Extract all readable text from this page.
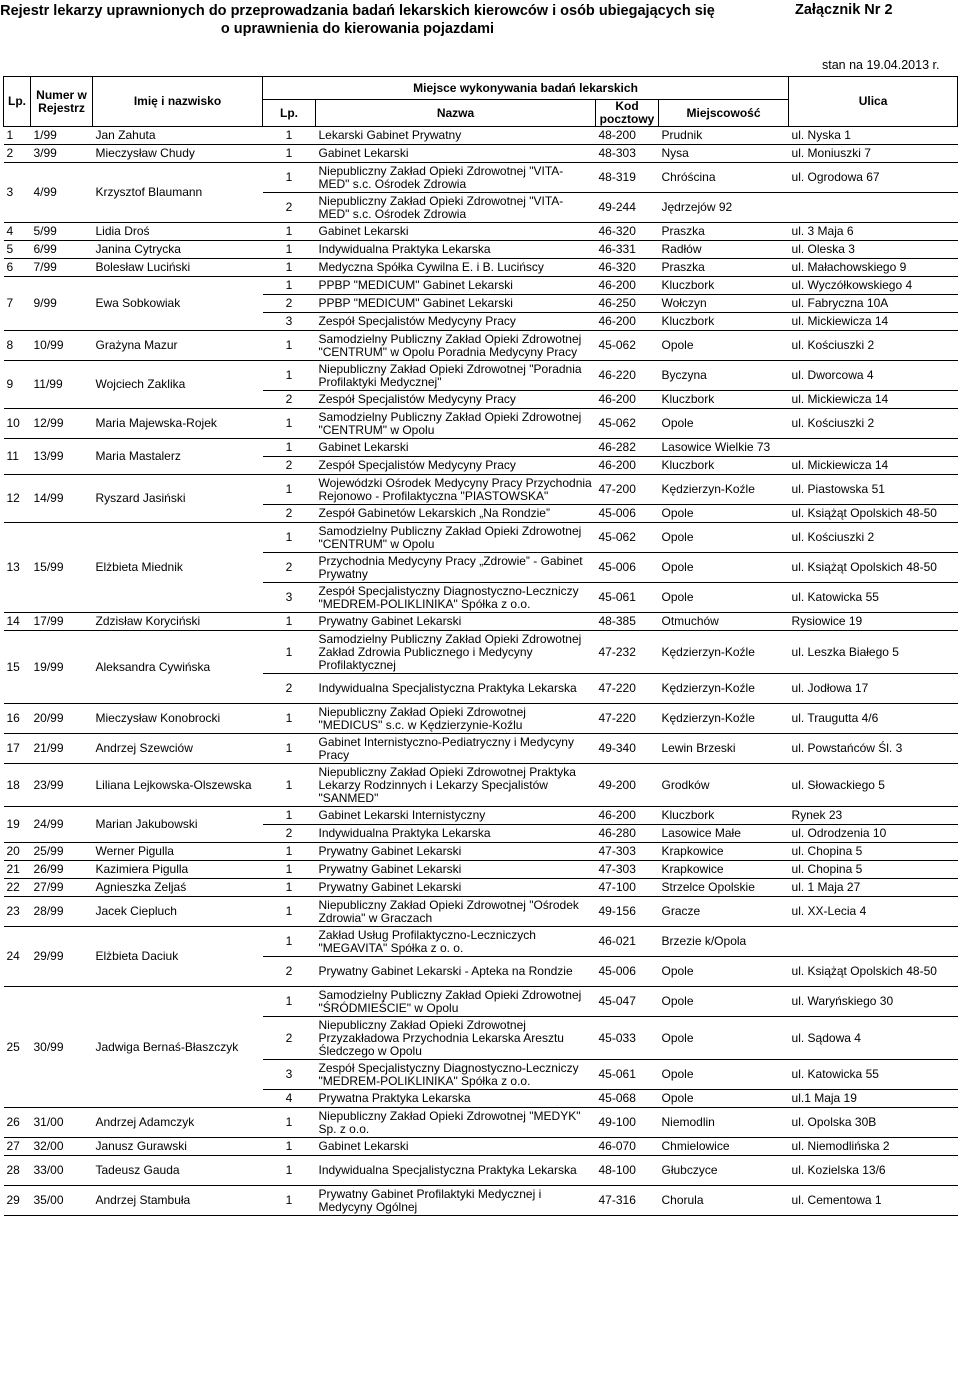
Rejestr lekarzy uprawnionych do przeprowadzania badań lekarskich kierowców i osób ubiegających się
o uprawnienia do kierowania pojazdami
Załącznik Nr 2
stan na 19.04.2013 r.
Lp.	Numer w Rejestrz	Imię i nazwisko	Miejsce wykonywania badań lekarskich				Ulica
			Lp.	Nazwa	Kod pocztowy	Miejscowość	
1	1/99	Jan Zahuta	1	Lekarski Gabinet Prywatny	48-200	Prudnik	ul. Nyska 1
2	3/99	Mieczysław Chudy	1	Gabinet Lekarski	48-303	Nysa	ul. Moniuszki 7
3	4/99	Krzysztof Blaumann	1	Niepubliczny Zakład Opieki Zdrowotnej "VITA-MED" s.c. Ośrodek Zdrowia	48-319	Chróścina	ul. Ogrodowa 67
			2	Niepubliczny Zakład Opieki Zdrowotnej "VITA-MED" s.c. Ośrodek Zdrowia	49-244	Jędrzejów 92	
4	5/99	Lidia Droś	1	Gabinet Lekarski	46-320	Praszka	ul. 3 Maja 6
5	6/99	Janina Cytrycka	1	Indywidualna Praktyka Lekarska	46-331	Radłów	ul. Oleska 3
6	7/99	Bolesław Luciński	1	Medyczna Spółka Cywilna E. i B. Lucińscy	46-320	Praszka	ul. Małachowskiego 9
7	9/99	Ewa Sobkowiak	1	PPBP "MEDICUM" Gabinet Lekarski	46-200	Kluczbork	ul. Wyczółkowskiego 4
			2	PPBP "MEDICUM" Gabinet Lekarski	46-250	Wołczyn	ul. Fabryczna 10A
			3	Zespół Specjalistów Medycyny Pracy	46-200	Kluczbork	ul. Mickiewicza 14
8	10/99	Grażyna Mazur	1	Samodzielny Publiczny Zakład Opieki Zdrowotnej "CENTRUM" w Opolu Poradnia Medycyny Pracy	45-062	Opole	ul. Kościuszki 2
9	11/99	Wojciech Zaklika	1	Niepubliczny Zakład Opieki Zdrowotnej "Poradnia Profilaktyki Medycznej"	46-220	Byczyna	ul. Dworcowa 4
			2	Zespół Specjalistów Medycyny Pracy	46-200	Kluczbork	ul. Mickiewicza 14
10	12/99	Maria Majewska-Rojek	1	Samodzielny Publiczny Zakład Opieki Zdrowotnej "CENTRUM" w Opolu	45-062	Opole	ul. Kościuszki 2
11	13/99	Maria Mastalerz	1	Gabinet Lekarski	46-282	Lasowice Wielkie 73	
			2	Zespół Specjalistów Medycyny Pracy	46-200	Kluczbork	ul. Mickiewicza 14
12	14/99	Ryszard Jasiński	1	Wojewódzki Ośrodek Medycyny Pracy Przychodnia Rejonowo - Profilaktyczna "PIASTOWSKA"	47-200	Kędzierzyn-Koźle	ul. Piastowska 51
			2	Zespół Gabinetów Lekarskich „Na Rondzie”	45-006	Opole	ul. Książąt Opolskich 48-50
13	15/99	Elżbieta Miednik	1	Samodzielny Publiczny Zakład Opieki Zdrowotnej "CENTRUM" w Opolu	45-062	Opole	ul. Kościuszki 2
			2	Przychodnia Medycyny Pracy „Zdrowie” - Gabinet Prywatny	45-006	Opole	ul. Książąt Opolskich 48-50
			3	Zespół Specjalistyczny Diagnostyczno-Leczniczy "MEDREM-POLIKLINIKA" Spółka z o.o.	45-061	Opole	ul. Katowicka 55
14	17/99	Zdzisław Koryciński	1	Prywatny Gabinet Lekarski	48-385	Otmuchów	Rysiowice 19
15	19/99	Aleksandra Cywińska	1	Samodzielny Publiczny Zakład Opieki Zdrowotnej Zakład Zdrowia Publicznego i Medycyny Profilaktycznej	47-232	Kędzierzyn-Koźle	ul. Leszka Białego 5
			2	Indywidualna Specjalistyczna Praktyka Lekarska	47-220	Kędzierzyn-Koźle	ul. Jodłowa 17
16	20/99	Mieczysław Konobrocki	1	Niepubliczny Zakład Opieki Zdrowotnej "MEDICUS" s.c. w Kędzierzynie-Koźlu	47-220	Kędzierzyn-Koźle	ul. Traugutta 4/6
17	21/99	Andrzej Szewciów	1	Gabinet Internistyczno-Pediatryczny i Medycyny Pracy	49-340	Lewin Brzeski	ul. Powstańców Śl. 3
18	23/99	Liliana Lejkowska-Olszewska	1	Niepubliczny Zakład Opieki Zdrowotnej Praktyka Lekarzy Rodzinnych i Lekarzy Specjalistów "SANMED"	49-200	Grodków	ul. Słowackiego 5
19	24/99	Marian Jakubowski	1	Gabinet Lekarski Internistyczny	46-200	Kluczbork	Rynek 23
			2	Indywidualna Praktyka Lekarska	46-280	Lasowice Małe	ul. Odrodzenia 10
20	25/99	Werner Pigulla	1	Prywatny Gabinet Lekarski	47-303	Krapkowice	ul. Chopina 5
21	26/99	Kazimiera Pigulla	1	Prywatny Gabinet Lekarski	47-303	Krapkowice	ul. Chopina 5
22	27/99	Agnieszka Zeljaś	1	Prywatny Gabinet Lekarski	47-100	Strzelce Opolskie	ul. 1 Maja 27
23	28/99	Jacek Ciepluch	1	Niepubliczny Zakład Opieki Zdrowotnej "Ośrodek Zdrowia" w Graczach	49-156	Gracze	ul. XX-Lecia 4
24	29/99	Elżbieta Daciuk	1	Zakład Usług Profilaktyczno-Leczniczych "MEGAVITA" Spółka z o. o.	46-021	Brzezie k/Opola	
			2	Prywatny Gabinet Lekarski - Apteka na Rondzie	45-006	Opole	ul. Książąt Opolskich 48-50
25	30/99	Jadwiga Bernaś-Błaszczyk	1	Samodzielny Publiczny Zakład Opieki Zdrowotnej "ŚRÓDMIEŚCIE" w Opolu	45-047	Opole	ul. Waryńskiego 30
			2	Niepubliczny Zakład Opieki Zdrowotnej Przyzakładowa Przychodnia Lekarska Aresztu Śledczego w Opolu	45-033	Opole	ul. Sądowa 4
			3	Zespół Specjalistyczny Diagnostyczno-Leczniczy "MEDREM-POLIKLINIKA" Spółka z o.o.	45-061	Opole	ul. Katowicka 55
			4	Prywatna Praktyka Lekarska	45-068	Opole	ul.1 Maja 19
26	31/00	Andrzej Adamczyk	1	Niepubliczny Zakład Opieki Zdrowotnej "MEDYK" Sp. z o.o.	49-100	Niemodlin	ul. Opolska 30B
27	32/00	Janusz Gurawski	1	Gabinet Lekarski	46-070	Chmielowice	ul. Niemodlińska 2
28	33/00	Tadeusz Gauda	1	Indywidualna Specjalistyczna Praktyka Lekarska	48-100	Głubczyce	ul. Kozielska 13/6
29	35/00	Andrzej Stambuła	1	Prywatny Gabinet Profilaktyki Medycznej i Medycyny Ogólnej	47-316	Chorula	ul. Cementowa 1
